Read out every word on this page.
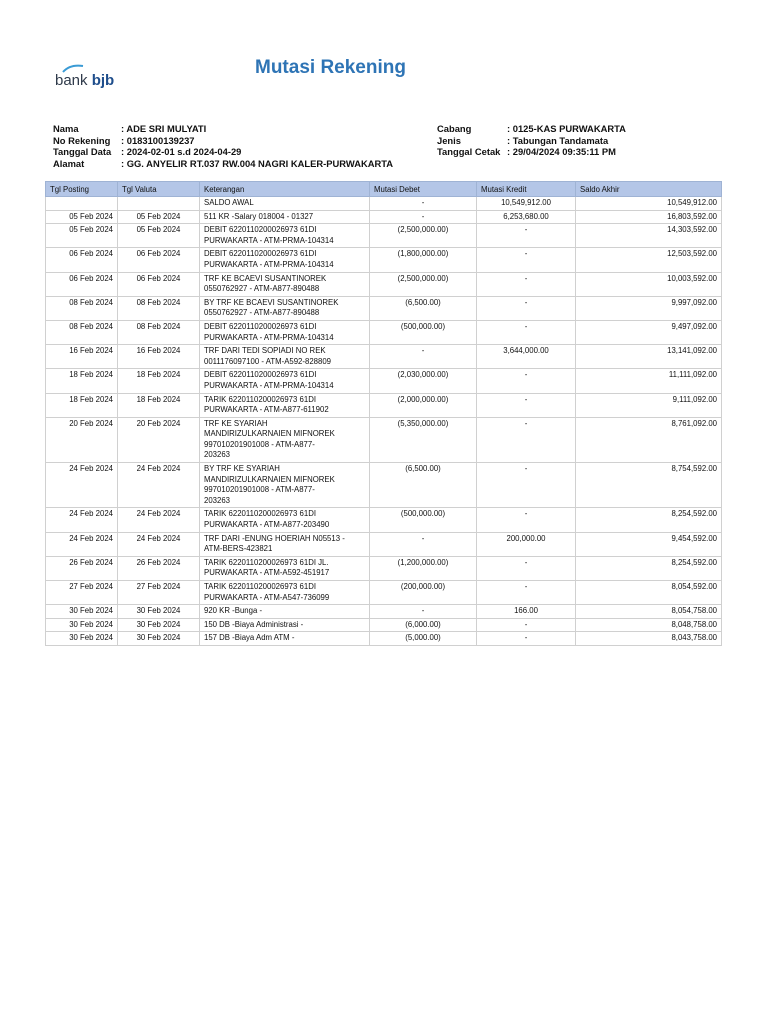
bank bjb
Mutasi Rekening
Nama	: ADE SRI MULYATI
No Rekening	: 0183100139237
Tanggal Data	: 2024-02-01 s.d 2024-04-29
Alamat	: GG. ANYELIR RT.037 RW.004 NAGRI KALER-PURWAKARTA
Cabang	: 0125-KAS PURWAKARTA
Jenis	: Tabungan Tandamata
Tanggal Cetak : 29/04/2024 09:35:11 PM
Tgl Posting	Tgl Valuta	Keterangan	Mutasi Debet	Mutasi Kredit	Saldo Akhir
		SALDO AWAL	-	10,549,912.00	10,549,912.00
05 Feb 2024	05 Feb 2024	511 KR -Salary 018004 - 01327	-	6,253,680.00	16,803,592.00
05 Feb 2024	05 Feb 2024	DEBIT 6220110200026973 61DI
PURWAKARTA - ATM-PRMA-104314	(2,500,000.00)	-	14,303,592.00
06 Feb 2024	06 Feb 2024	DEBIT 6220110200026973 61DI
PURWAKARTA - ATM-PRMA-104314	(1,800,000.00)	-	12,503,592.00
06 Feb 2024	06 Feb 2024	TRF KE BCAEVI SUSANTINOREK
0550762927 - ATM-A877-890488	(2,500,000.00)	-	10,003,592.00
08 Feb 2024	08 Feb 2024	BY TRF KE BCAEVI SUSANTINOREK
0550762927 - ATM-A877-890488	(6,500.00)	-	9,997,092.00
08 Feb 2024	08 Feb 2024	DEBIT 6220110200026973 61DI
PURWAKARTA - ATM-PRMA-104314	(500,000.00)	-	9,497,092.00
16 Feb 2024	16 Feb 2024	TRF DARI TEDI SOPIADI NO REK
0011176097100 - ATM-A592-828809	-	3,644,000.00	13,141,092.00
18 Feb 2024	18 Feb 2024	DEBIT 6220110200026973 61DI
PURWAKARTA - ATM-PRMA-104314	(2,030,000.00)	-	11,111,092.00
18 Feb 2024	18 Feb 2024	TARIK 6220110200026973 61DI
PURWAKARTA - ATM-A877-611902	(2,000,000.00)	-	9,111,092.00
20 Feb 2024	20 Feb 2024	TRF KE SYARIAH
MANDIRIZULKARNAIEN MIFNOREK
997010201901008 - ATM-A877-
203263	(5,350,000.00)	-	8,761,092.00
24 Feb 2024	24 Feb 2024	BY TRF KE SYARIAH
MANDIRIZULKARNAIEN MIFNOREK
997010201901008 - ATM-A877-
203263	(6,500.00)	-	8,754,592.00
24 Feb 2024	24 Feb 2024	TARIK 6220110200026973 61DI
PURWAKARTA - ATM-A877-203490	(500,000.00)	-	8,254,592.00
24 Feb 2024	24 Feb 2024	TRF DARI -ENUNG HOERIAH N05513 -
ATM-BERS-423821	-	200,000.00	9,454,592.00
26 Feb 2024	26 Feb 2024	TARIK 6220110200026973 61DI JL.
PURWAKARTA - ATM-A592-451917	(1,200,000.00)	-	8,254,592.00
27 Feb 2024	27 Feb 2024	TARIK 6220110200026973 61DI
PURWAKARTA - ATM-A547-736099	(200,000.00)	-	8,054,592.00
30 Feb 2024	30 Feb 2024	920 KR -Bunga -	-	166.00	8,054,758.00
30 Feb 2024	30 Feb 2024	150 DB -Biaya Administrasi -	(6,000.00)	-	8,048,758.00
30 Feb 2024	30 Feb 2024	157 DB -Biaya Adm ATM -	(5,000.00)	-	8,043,758.00
